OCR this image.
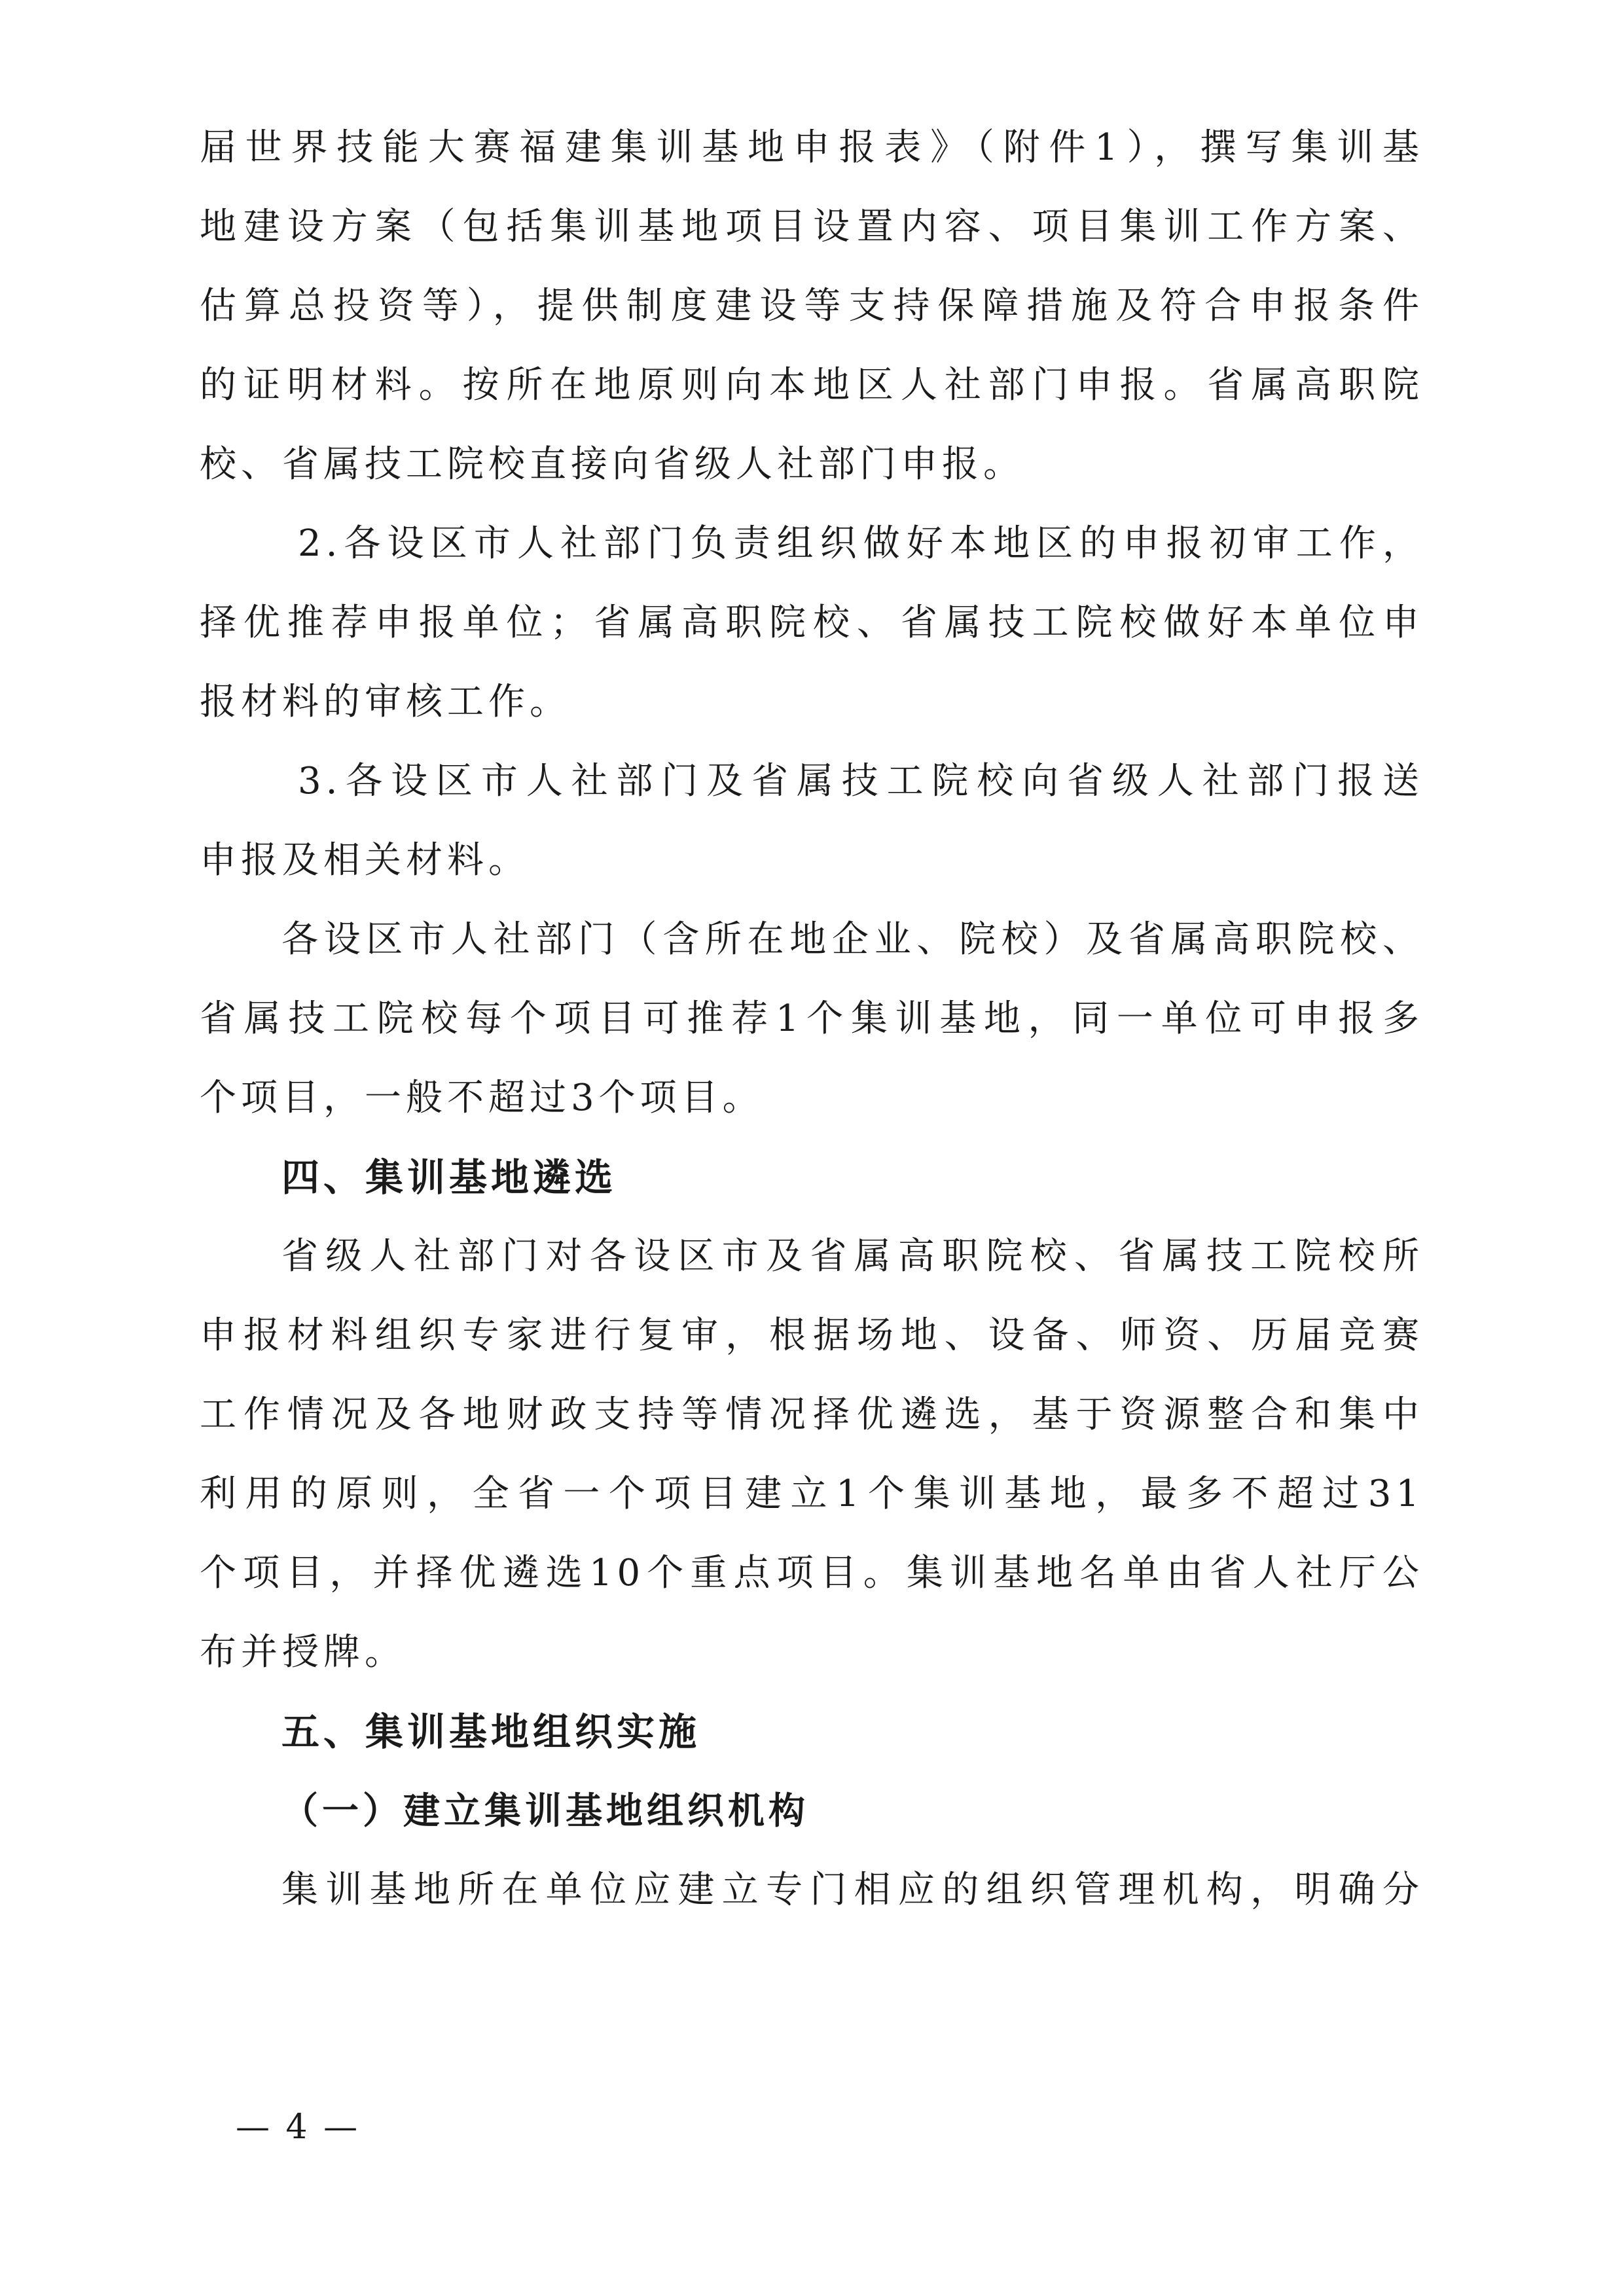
届世界技能大赛福建集训基地申报表》（附件1），撰写集训基

地建设方案（包括集训基地项目设置内容、项目集训工作方案、

估算总投资等），提供制度建设等支持保障措施及符合申报条件

的证明材料。按所在地原则向本地区人社部门申报。省属高职院

校、省属技工院校直接向省级人社部门申报。

2.各设区市人社部门负责组织做好本地区的申报初审工作，

择优推荐申报单位；省属高职院校、省属技工院校做好本单位申

报材料的审核工作。

3.各设区市人社部门及省属技工院校向省级人社部门报送

申报及相关材料。

各设区市人社部门（含所在地企业、院校）及省属高职院校、

省属技工院校每个项目可推荐1个集训基地，同一单位可申报多

个项目，一般不超过3个项目。

四、集训基地遴选

省级人社部门对各设区市及省属高职院校、省属技工院校所

申报材料组织专家进行复审，根据场地、设备、师资、历届竞赛

工作情况及各地财政支持等情况择优遴选，基于资源整合和集中

利用的原则，全省一个项目建立1个集训基地，最多不超过31

个项目，并择优遴选10个重点项目。集训基地名单由省人社厅公

布并授牌。

五、集训基地组织实施
（一）建立集训基地组织机构

集训基地所在单位应建立专门相应的组织管理机构，明确分

— 4 —
